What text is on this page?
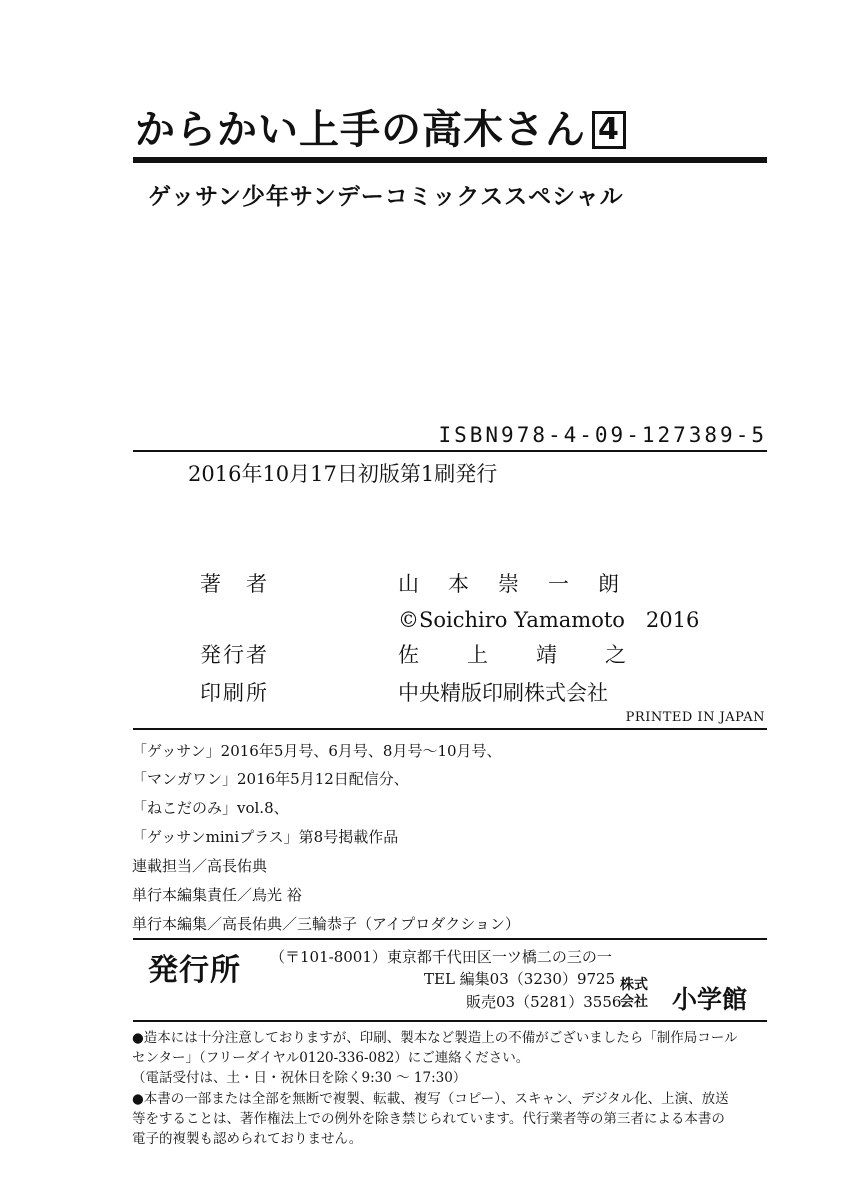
からかい上手の高木さん 4
ゲッサン少年サンデーコミックススペシャル
ISBN978-4-09-127389-5
2016年10月17日初版第1刷発行
著　者	山　本　崇　一　朗
©Soichiro Yamamoto　2016
発行者	佐　　上　　靖　　之
印刷所	中央精版印刷株式会社
PRINTED IN JAPAN
「ゲッサン」2016年5月号、6月号、8月号～10月号、
「マンガワン」2016年5月12日配信分、
「ねこだのみ」vol.8、
「ゲッサンminiプラス」第8号掲載作品
連載担当／高長佑典
単行本編集責任／鳥光 裕
単行本編集／高長佑典／三輪恭子（アイプロダクション）
発行所 （〒101-8001）東京都千代田区一ツ橋二の三の一
TEL 編集03（3230）9725
販売03（5281）3556
株式
会社 小学館
●造本には十分注意しておりますが、印刷、製本など製造上の不備がございましたら「制作局コール
センター」（フリーダイヤル0120-336-082）にご連絡ください。
（電話受付は、土・日・祝休日を除く9:30 ～ 17:30）
●本書の一部または全部を無断で複製、転載、複写（コピー）、スキャン、デジタル化、上演、放送
等をすることは、著作権法上での例外を除き禁じられています。代行業者等の第三者による本書の
電子的複製も認められておりません。
